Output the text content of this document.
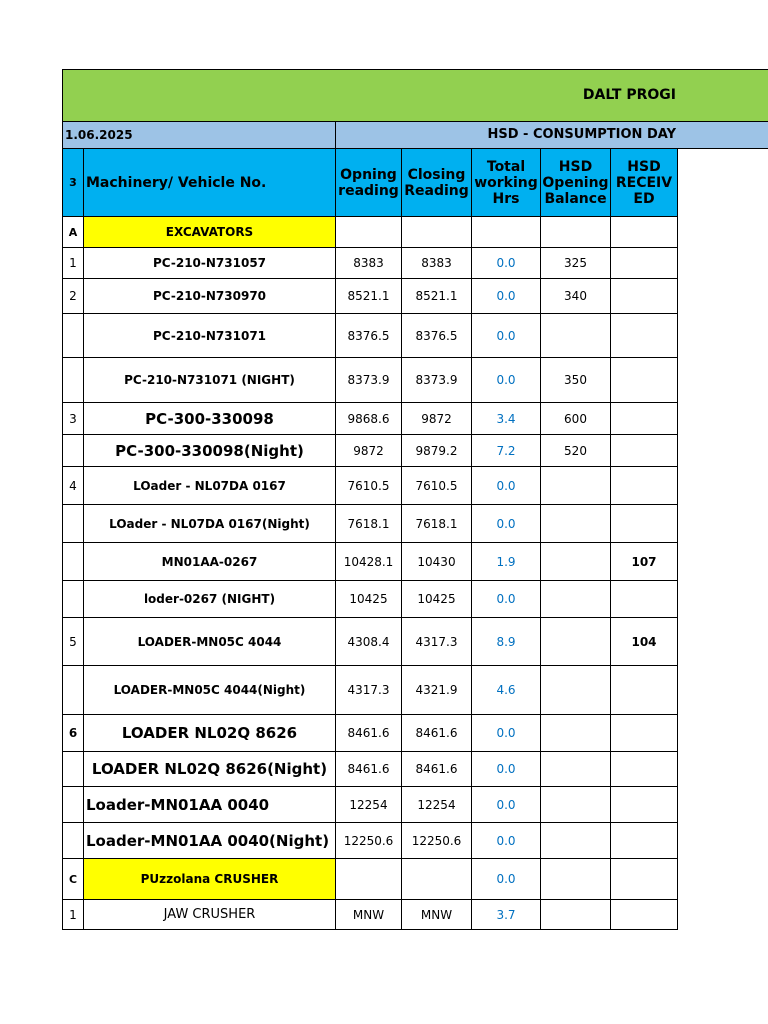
DALT PROGI
1.06.2025	HSD - CONSUMPTION DAY
3	Machinery/ Vehicle No.	Opning reading	Closing Reading	Total working Hrs	HSD Opening Balance	HSD RECEIV ED
A	EXCAVATORS					
1	PC-210-N731057	8383	8383	0.0	325	
2	PC-210-N730970	8521.1	8521.1	0.0	340	
	PC-210-N731071	8376.5	8376.5	0.0		
	PC-210-N731071 (NIGHT)	8373.9	8373.9	0.0	350	
3	PC-300-330098	9868.6	9872	3.4	600	
	PC-300-330098(Night)	9872	9879.2	7.2	520	
4	LOader - NL07DA 0167	7610.5	7610.5	0.0		
	LOader - NL07DA 0167(Night)	7618.1	7618.1	0.0		
	MN01AA-0267	10428.1	10430	1.9		107
	loder-0267 (NIGHT)	10425	10425	0.0		
5	LOADER-MN05C 4044	4308.4	4317.3	8.9		104
	LOADER-MN05C 4044(Night)	4317.3	4321.9	4.6		
6	LOADER NL02Q 8626	8461.6	8461.6	0.0		
	LOADER NL02Q 8626(Night)	8461.6	8461.6	0.0		
	Loader-MN01AA 0040	12254	12254	0.0		
	Loader-MN01AA 0040(Night)	12250.6	12250.6	0.0		
C	PUzzolana CRUSHER			0.0		
1	JAW CRUSHER	MNW	MNW	3.7		
